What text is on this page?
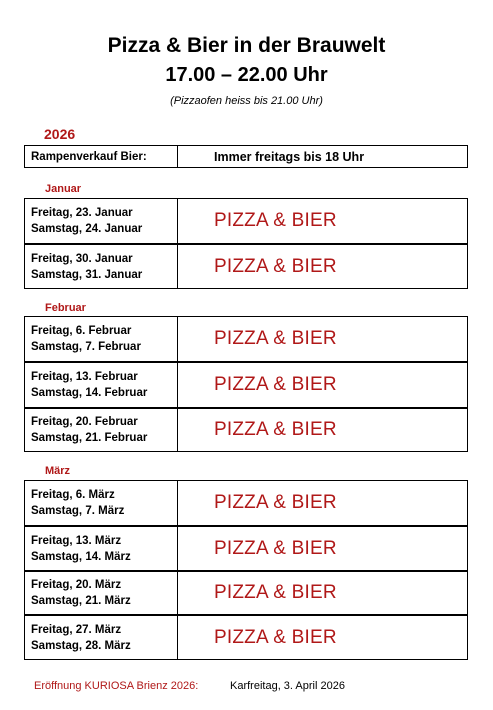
Pizza & Bier in der Brauwelt
17.00 – 22.00 Uhr
(Pizzaofen heiss bis 21.00 Uhr)
2026
Rampenverkauf Bier:	Immer freitags bis 18 Uhr
Januar
Freitag, 23. Januar
Samstag, 24. Januar	PIZZA & BIER
Freitag, 30. Januar
Samstag, 31. Januar	PIZZA & BIER
Februar
Freitag, 6. Februar
Samstag, 7. Februar	PIZZA & BIER
Freitag, 13. Februar
Samstag, 14. Februar	PIZZA & BIER
Freitag, 20. Februar
Samstag, 21. Februar	PIZZA & BIER
März
Freitag, 6. März
Samstag, 7. März	PIZZA & BIER
Freitag, 13. März
Samstag, 14. März	PIZZA & BIER
Freitag, 20. März
Samstag, 21. März	PIZZA & BIER
Freitag, 27. März
Samstag, 28. März	PIZZA & BIER
Eröffnung KURIOSA Brienz 2026:	Karfreitag, 3. April 2026
